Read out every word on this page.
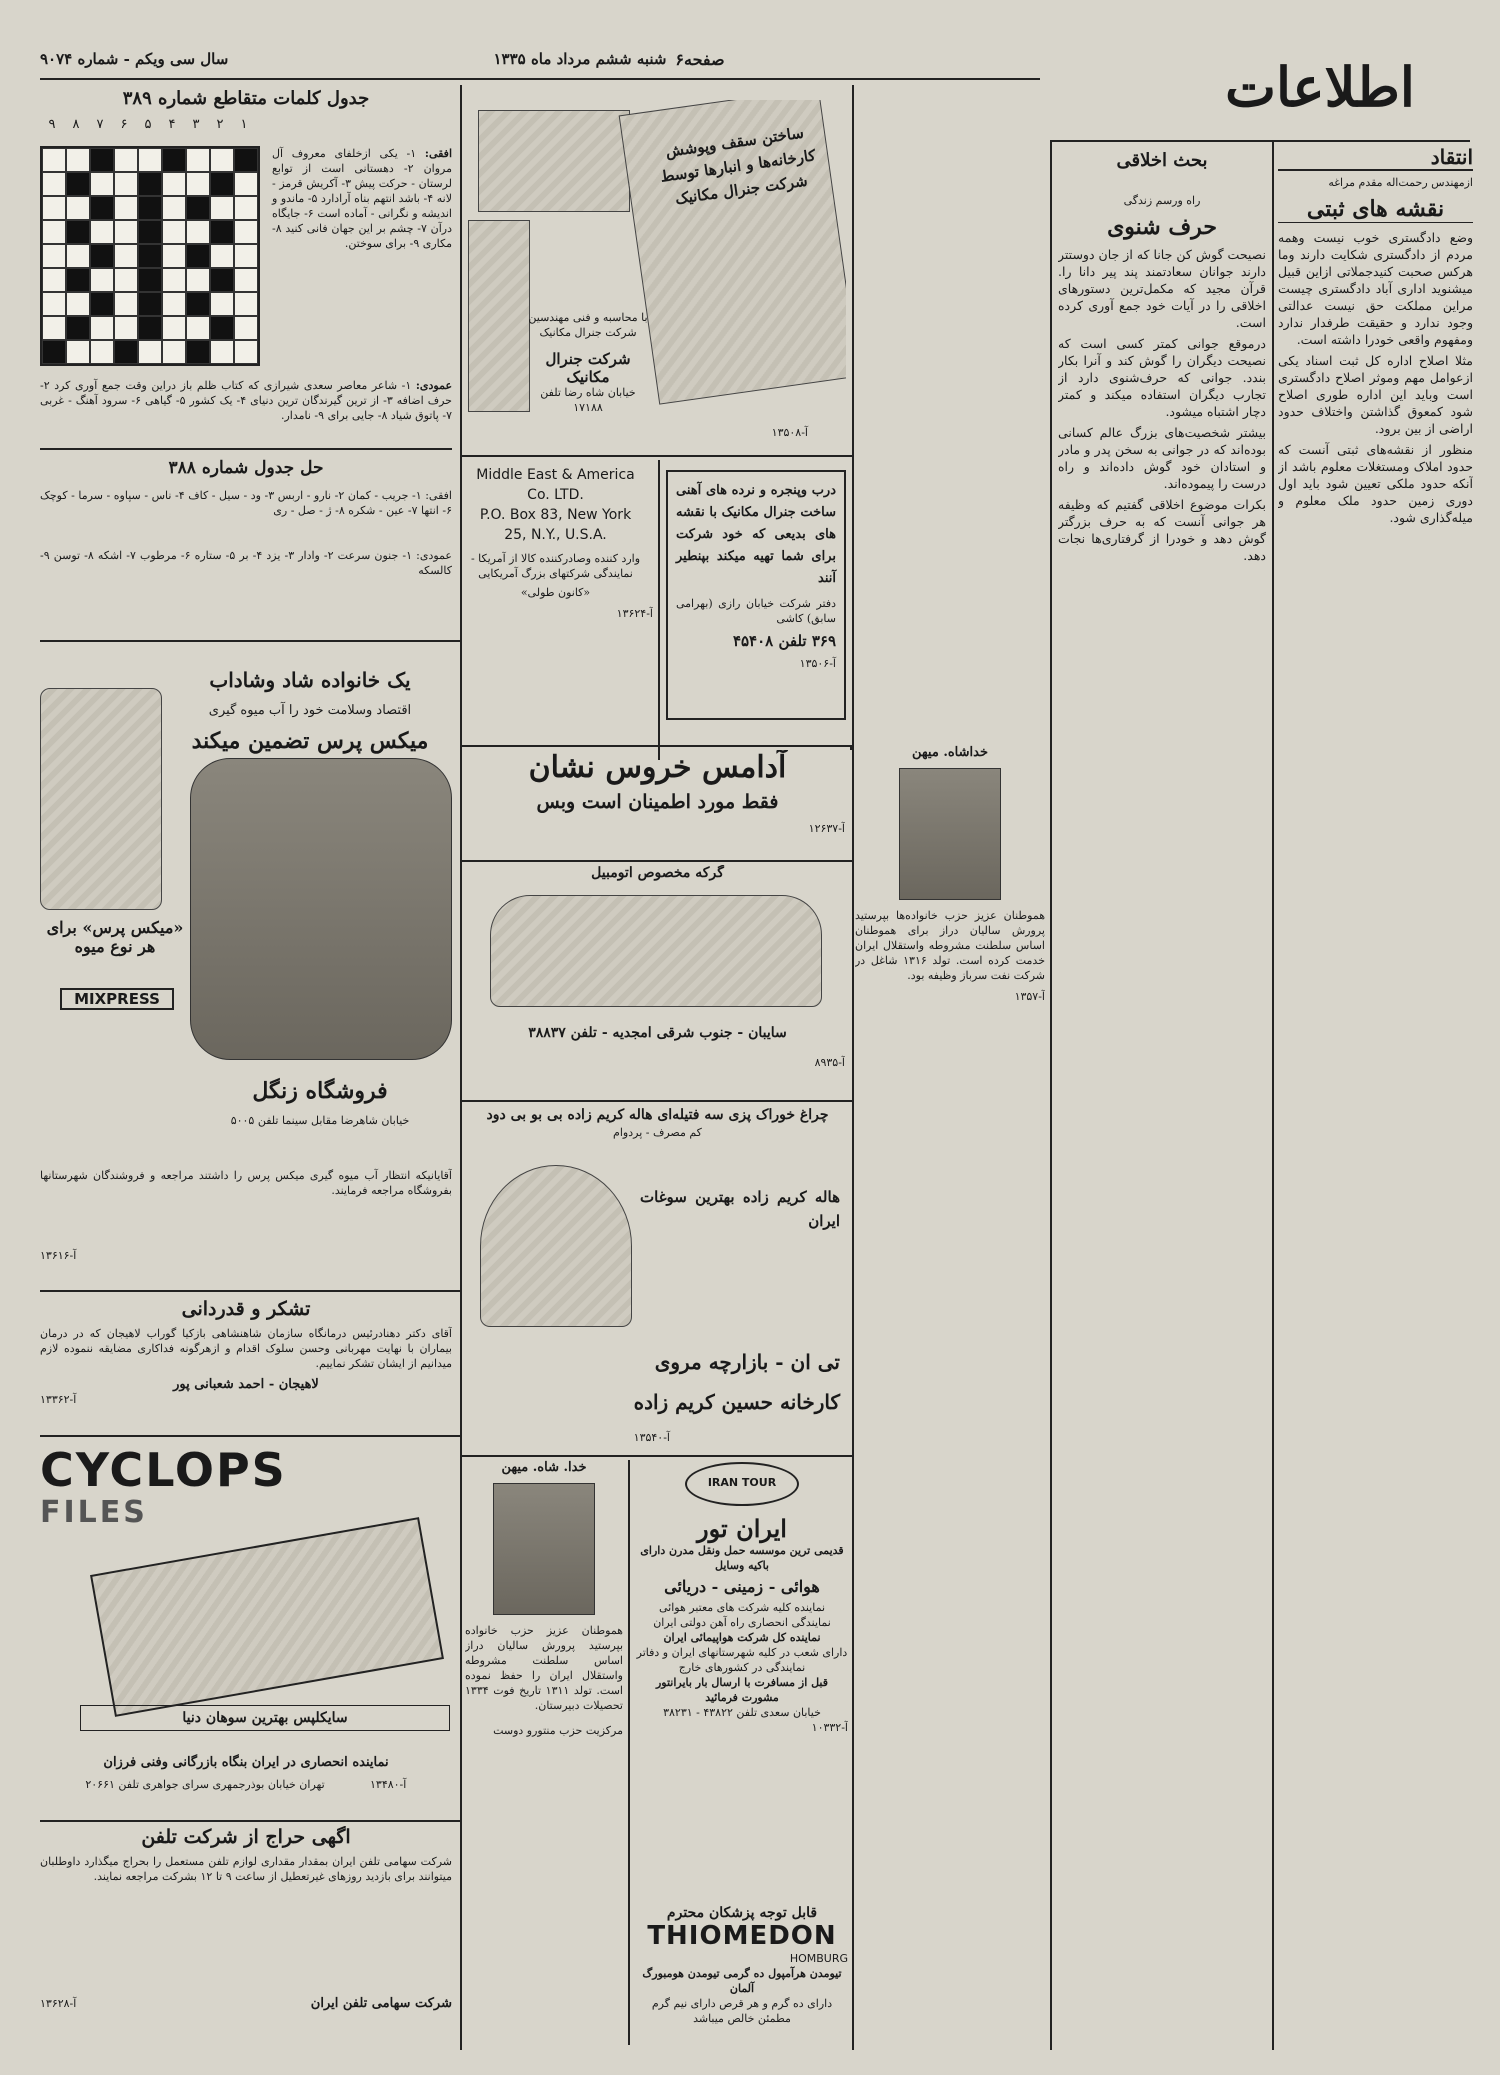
اطلاعات
صفحه۶
شنبه ششم مرداد ماه ۱۳۳۵
سال سی ویکم - شماره ۹۰۷۴
انتقاد
ازمهندس رحمت‌اله مقدم مراغه
نقشه های ثبتی

وضع دادگستری خوب نیست وهمه مردم از دادگستری شکایت دارند وما هرکس صحبت کنیدجملاتی ازاین قبیل میشنوید اداری آباد دادگستری چیست مراین مملکت حق نیست عدالتی وجود ندارد و حقیقت طرفدار ندارد ومفهوم واقعی خودرا داشته است.

مثلا اصلاح اداره کل ثبت اسناد یکی ازعوامل مهم وموثر اصلاح دادگستری است وباید این اداره طوری اصلاح شود کمعوق گذاشتن واختلاف حدود اراضی از بین برود.

منظور از نقشه‌های ثبتی آنست که حدود املاک ومستغلات معلوم باشد از آنکه حدود ملکی تعیین شود باید اول دوری زمین حدود ملک معلوم و میله‌گذاری شود.

بحث اخلاقی
راه ورسم زندگی
حرف شنوی

نصیحت گوش کن جانا که از جان دوستتر دارند جوانان سعادتمند پند پیر دانا را. قرآن مجید که مکمل‌ترین دستورهای اخلاقی را در آیات خود جمع آوری کرده است.

درموقع جوانی کمتر کسی است که نصیحت دیگران را گوش کند و آنرا بکار بندد. جوانی که حرف‌شنوی دارد از تجارب دیگران استفاده میکند و کمتر دچار اشتباه میشود.

بیشتر شخصیت‌های بزرگ عالم کسانی بوده‌اند که در جوانی به سخن پدر و مادر و استادان خود گوش داده‌اند و راه درست را پیموده‌اند.

بکرات موضوع اخلاقی گفتیم که وظیفه هر جوانی آنست که به حرف بزرگتر گوش دهد و خودرا از گرفتاری‌ها نجات دهد.

ساختن سقف وپوشش کارخانه‌ها و انبارها توسط شرکت جنرال مکانیک
با محاسبه و فنی مهندسین شرکت جنرال مکانیک
شرکت جنرال مکانیک
خیابان شاه رضا تلفن ۱۷۱۸۸
آ-۱۳۵۰۸
Middle East & America
Co. LTD.
P.O. Box 83, New York
25, N.Y., U.S.A.
وارد کننده وصادرکننده کالا از آمریکا - نمایندگی شرکتهای بزرگ آمریکایی
«کانون طولی»
آ-۱۳۶۲۴
درب وپنجره و نرده های آهنی ساخت جنرال مکانیک با نقشه های بدیعی که خود شرکت برای شما تهیه میکند بپنطیر آنند
دفتر شرکت خیابان رازی (بهرامی سابق) کاشی
۳۶۹ تلفن ۴۵۴۰۸
آ-۱۳۵۰۶
آدامس خروس نشان
فقط مورد اطمینان است وبس
آ-۱۲۶۳۷
گرکه مخصوص اتومبیل
سایبان - جنوب شرقی امجدیه - تلفن ۳۸۸۳۷
آ-۸۹۳۵
چراغ خوراک پزی سه فتیله‌ای هاله کریم زاده بی بو بی دود
کم مصرف - پردوام
هاله کریم زاده بهترین سوغات ایران
تی ان - بازارچه مروی
کارخانه حسین کریم زاده
آ-۱۳۵۴۰
خدا. شاه. میهن

هموطنان عزیز حزب خانواده بپرستید پرورش سالیان دراز اساس سلطنت مشروطه واستقلال ایران را حفظ نموده است. تولد ۱۳۱۱ تاریخ فوت ۱۳۳۴ تحصیلات دبیرستان.

مرکزیت حزب منتورو دوست
جدول کلمات متقاطع شماره ۳۸۹
۹	۸	۷	۶	۵	۴	۳	۲	۱
افقی: ۱- یکی ازخلفای معروف آل مروان ۲- دهستانی است از توابع لرستان - حرکت پیش ۳- آکریش قرمز - لانه ۴- باشد انتهم بناه آرادارد ۵- ماندو و اندیشه و نگرانی - آماده است ۶- جایگاه درآن ۷- چشم بر این جهان فانی کنید ۸- مکاری ۹- برای سوختن.
عمودی: ۱- شاعر معاصر سعدی شیرازی که کتاب ظلم باز دراین وقت جمع آوری کرد ۲- حرف اضافه ۳- از ترین گیرندگان ترین دنیای ۴- یک کشور ۵- گیاهی ۶- سرود آهنگ - غربی ۷- پاتوق شیاد ۸- جایی برای ۹- نامدار.
حل جدول شماره ۳۸۸
افقی: ۱- جریب - کمان ۲- نارو - اربس ۳- ود - سیل - کاف ۴- ناس - سپاوه - سرما - کوچک ۶- انتها ۷- عین - شکره ۸- ژ - صل - ری
عمودی: ۱- جنون سرعت ۲- وادار ۳- یزد ۴- بر ۵- ستاره ۶- مرطوب ۷- اشکه ۸- توسن ۹- کالسکه
یک خانواده شاد وشاداب
اقتصاد وسلامت خود را آب میوه گیری
میکس پرس تضمین میکند
«میکس پرس» برای هر نوع میوه
MIXPRESS
فروشگاه زنگل
خیابان شاهرضا مقابل سینما تلفن ۵۰۰۵

آقایانیکه انتظار آب میوه گیری میکس پرس را داشتند مراجعه و فروشندگان شهرستانها بفروشگاه مراجعه فرمایند.

آ-۱۳۶۱۶
تشکر و قدردانی

آقای دکتر دهنادرئیس درمانگاه سازمان شاهنشاهی بازکیا گوراب لاهیجان که در درمان بیماران با نهایت مهربانی وحسن سلوک اقدام و ازهرگونه فداکاری مضایقه ننموده لازم میدانیم از ایشان تشکر نماییم.

لاهیجان - احمد شعبانی پور
آ-۱۳۳۶۲
CYCLOPS
FILES
سایکلپس بهترین سوهان دنیا
نماینده انحصاری در ایران بنگاه بازرگانی وفنی فرزان
تهران خیابان بوذرجمهری سرای جواهری تلفن ۲۰۶۶۱	آ-۱۳۴۸۰
اگهی حراج از شرکت تلفن

شرکت سهامی تلفن ایران بمقدار مقداری لوازم تلفن مستعمل را بحراج میگذارد داوطلبان میتوانند برای بازدید روزهای غیرتعطیل از ساعت ۹ تا ۱۲ بشرکت مراجعه نمایند.

شرکت سهامی تلفن ایران
آ-۱۳۶۲۸
IRAN TOUR
ایران تور
قدیمی ترین موسسه حمل ونقل مدرن دارای باکیه وسایل
هوائی - زمینی - دریائی
نماینده کلیه شرکت های معتبر هوائی
نمایندگی انحصاری راه آهن دولتی ایران
نماینده کل شرکت هواپیمائی ایران
دارای شعب در کلیه شهرستانهای ایران و دفاتر نمایندگی در کشورهای خارج
قبل از مسافرت با ارسال بار بایرانتور مشورت فرمائید
خیابان سعدی تلفن ۴۳۸۲۲ - ۳۸۲۳۱
آ-۱۰۳۳۲
قابل توجه پزشکان محترم
THIOMEDON
HOMBURG
تیومدن هرآمپول ده گرمی تیومدن هومبورگ آلمان
دارای ده گرم و هر قرص دارای نیم گرم مطمئن خالص میباشد
خداشاه. میهن

هموطنان عزیز حزب خانواده‌ها بپرستید پرورش سالیان دراز برای هموطنان اساس سلطنت مشروطه واستقلال ایران خدمت کرده است. تولد ۱۳۱۶ شاغل در شرکت نفت سرباز وظیفه بود.

آ-۱۳۵۷
